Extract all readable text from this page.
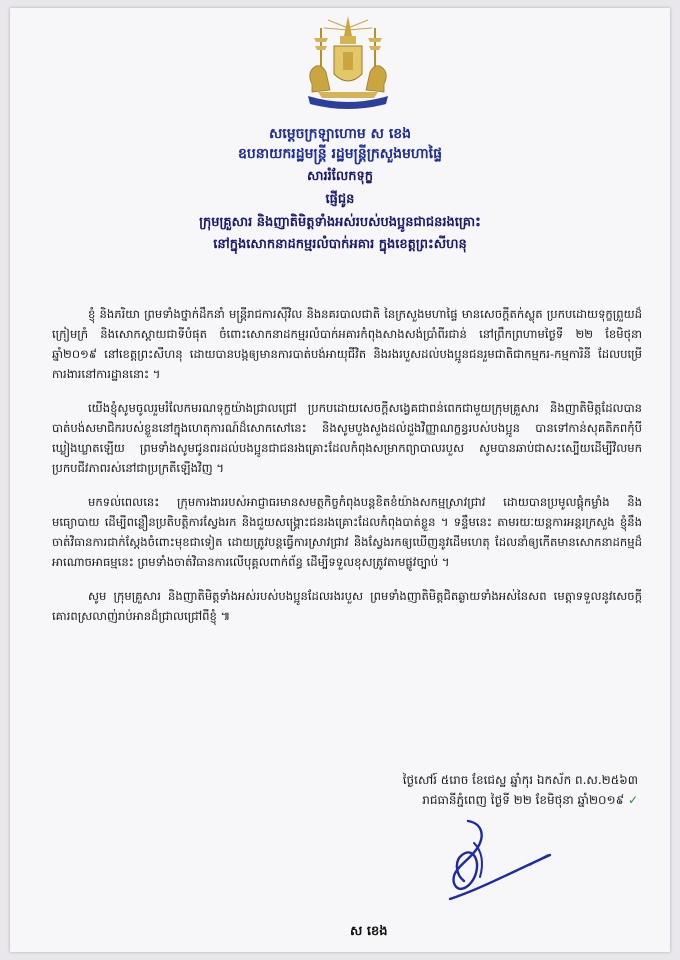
សម្ដេចក្រឡាហោម ស ខេង
ឧបនាយករដ្ឋមន្ត្រី រដ្ឋមន្ត្រីក្រសួងមហាផ្ទៃ
សាររំលែកទុក្ខ
ផ្ញើជូន
ក្រុមគ្រួសារ និងញាតិមិត្តទាំងអស់របស់បងប្អូនជាជនរងគ្រោះ
នៅក្នុងសោកនាដកម្មរលំបាក់អគារ ក្នុងខេត្តព្រះសីហនុ

ខ្ញុំ និងភរិយា ព្រមទាំងថ្នាក់ដឹកនាំ មន្ត្រីរាជការស៊ីវិល និងនគរបាលជាតិ នៃក្រសួងមហាផ្ទៃ មានសេចក្ដីតក់ស្លុត ប្រកបដោយទុក្ខព្រួយដ៏ក្រៀមក្រំ និងសោកស្ដាយជាទីបំផុត ចំពោះសោកនាដកម្មរលំបាក់អគារកំពុងសាងសង់ប្រាំពីរជាន់ នៅព្រឹកព្រហាមថ្ងៃទី ២២ ខែមិថុនា ឆ្នាំ២០១៩ នៅខេត្តព្រះសីហនុ ដោយបានបង្កឲ្យមានការបាត់បង់អាយុជីវិត និងរងរបួសដល់បងប្អូនជនរួមជាតិជាកម្មករ-កម្មការិនី ដែលបម្រើការងារនៅការដ្ឋាននោះ ។

យើងខ្ញុំសូមចូលរួមរំលែកមរណទុក្ខយ៉ាងជ្រាលជ្រៅ ប្រកបដោយសេចក្ដីសង្វេគជាពន់ពេកជាមួយក្រុមគ្រួសារ និងញាតិមិត្តដែលបានបាត់បង់សមាជិករបស់ខ្លួននៅក្នុងហេតុការណ៍ដ៏សោកសៅនេះ និងសូមបួងសួងដល់ដួងវិញ្ញាណក្ខន្ធរបស់បងប្អូន បានទៅកាន់សុគតិភពកុំបីឃ្លៀងឃ្លាតឡើយ ព្រមទាំងសូមជូនពរដល់បងប្អូនជាជនរងគ្រោះដែលកំពុងសម្រាកព្យាបាលរបួស សូមបានឆាប់ជាសះស្បើយដើម្បីវិលមកប្រកបជីវភាពរស់នៅជាប្រក្រតីឡើងវិញ ។

មកទល់ពេលនេះ ក្រុមការងាររបស់អាជ្ញាធរមានសមត្ថកិច្ចកំពុងបន្តខិតខំយ៉ាងសកម្មស្រាវជ្រាវ ដោយបានប្រមូលផ្ដុំកម្លាំង និងមធ្យោបាយ ដើម្បីពន្លឿនប្រតិបត្តិការស្វែងរក និងជួយសង្គ្រោះជនរងគ្រោះដែលកំពុងបាត់ខ្លួន ។ ទន្ទឹមនេះ តាមរយៈយន្តការអន្តរក្រសួង ខ្ញុំនឹងចាត់វិធានការជាក់ស្ដែងចំពោះមុខជាទៀត ដោយត្រូវបន្តធ្វើការស្រាវជ្រាវ និងស្វែងរកឲ្យឃើញនូវដើមហេតុ ដែលនាំឲ្យកើតមានសោកនាដកម្មដ៏អាណោចអាធម្មនេះ ព្រមទាំងចាត់វិធានការលើបុគ្គលពាក់ព័ន្ធ ដើម្បីទទួលខុសត្រូវតាមផ្លូវច្បាប់ ។

សូម ក្រុមគ្រួសារ និងញាតិមិត្តទាំងអស់របស់បងប្អូនដែលរងរបួស ព្រមទាំងញាតិមិត្តជិតឆ្ងាយទាំងអស់នៃសព មេត្តាទទួលនូវសេចក្ដីគោរពស្រលាញ់រាប់អានដ៏ជ្រាលជ្រៅពីខ្ញុំ ៕

ថ្ងៃសៅរ៍ ៥រោច ខែជេស្ឋ ឆ្នាំកុរ ឯកស័ក ព.ស.២៥៦៣
រាជធានីភ្នំពេញ ថ្ងៃទី ២២ ខែមិថុនា ឆ្នាំ២០១៩ ✓
ស ខេង
